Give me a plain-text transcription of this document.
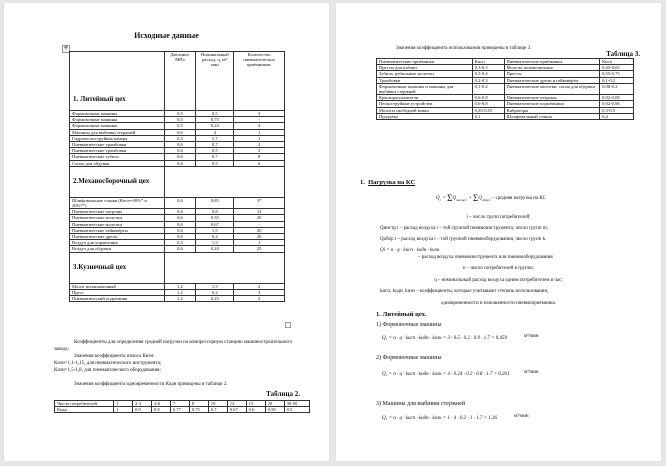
Исходные данные
✥
1. Литейный цех	Давление, МПа	Номинальный расход, q, м³/мин	Количество пневматических приёмников.
Формовочные машины	0,5	0,5	3
Формовочные машины	0,5	0,75	-
Формовочные машины	0,5	0,24	4
Машины для выбивки стержней	0,6	4	1
Гидропескоструйная камера	0,5	5,7	1
Пневматические трамбовки	0,6	0,7	2
Пневматические трамбовки	0,6	0,5	3
Пневматические зубила	0,6	0,7	8
Сопло для обдувки	0,6	0,5	6
2.Механосборочный цех			
Шлифовальные станки (Кисп=40%* и 20%**)	0,6	0,85	3*
Пневматические патроны	0,6	0,8	12
Пневматические молотки	0,6	0,35	20
Пневматические молотки	0,6	0,67	-
Пневматические гайковёрты	0,6	1,5	20
Пневматические дрели	0,6	0,4	20
Воздух для управления	0,5	1,5	1
Воздух для обдувки	0,6	0,24	25
3.Кузнечный цех			
Молот штамповочный	1,2	1,5	2
Пресс	1,2	0,2	3
Пневматический подъёмник	1,2	0,25	2
Коэффициенты для определения средней нагрузки на компрессорную станцию машиностроительного завода:
Значения коэффициента износа Кизн:
Кизн=1,1-1,15, для пневматического инструмента;
Кизн=1,5-1,8, для пневматического оборудования;
Значения коэффициента одновременности Кодн приведены в таблице 2.
Таблица 2.
Число потребителей	1	2-3	4-6	7	8	10	12	15	20	30-50
Кодн	1	0.9	0.8	0.77	0.75	0.7	0.67	0.6	0.58	0.5
Значения коэффициента использования приведены в таблице 3.
Таблица 3.
Пневматические приёмники	Кисп	Пневматические приёмники.	Кисп
Прессы для клёпки	0,3-0,5	Молоты штамповочные	0,45-0,65
Зубила, рубильные молотки	0,3-0,4	Прессы	0,55-0,75
Трамбовки	0,2-0,3	Пневматические дрели и гайковёрты	0,1-0,2
Формовочные машины и машины для выбивки стержней	0,1-0,2	Пневматические молотки, сопла для обдувки	0,08-0,2
Краскораспылители	0,6-0,8	Пневматические патроны	0,02-0,08
Пескоструйные устройства	0,6-0,8	Пневматические подъёмники	0,02-0,06
Молоты свободной ковки	0,35-0,55	Вибраторы	0,3-0,5
Продувка	0,1	Шлифовальный станок	0,4
1. Нагрузка на КС
$Q_с = \Sigma Q_{инстр i} + \Sigma Q_{обор i}$ – средняя нагрузка на КС
i – число групп потребителей;
Qинстр i – расход воздуха i – той группой пневмоинструмента, число групп m;
Qобор i – расход воздуха i – той группой пневмооборудования, число групп k.
Qi = n · q · kисп · kодн · kизн
– расход воздуха пневмоинструмента или пневмооборудования
n – число потребителей в группе;
q – номинальный расход воздуха одним потребителем в час;
kисп, kодн, kизн – коэффициенты, которые учитывают степень использования,
одновременности и изношенности пневмоприемника.
1. Литейный цех.
1) Формовочные машины
Q₁ = n · q · kисп · kодн · kизн = 3 · 0.5 · 0.2 · 0.9 · 1.7 = 0,459	м³/мин
2) Формовочные машины
Q₂ = n · q · kисп · kодн · kизн = 4 · 0.24 · 0.2 · 0.8 · 1.7 = 0,261	м³/мин
3) Машины для выбивки стержней
Q₃ = n · q · kисп · kодн · kизн = 1 · 4 · 0.2 · 1 · 1.7 = 1.36	м³/мин
